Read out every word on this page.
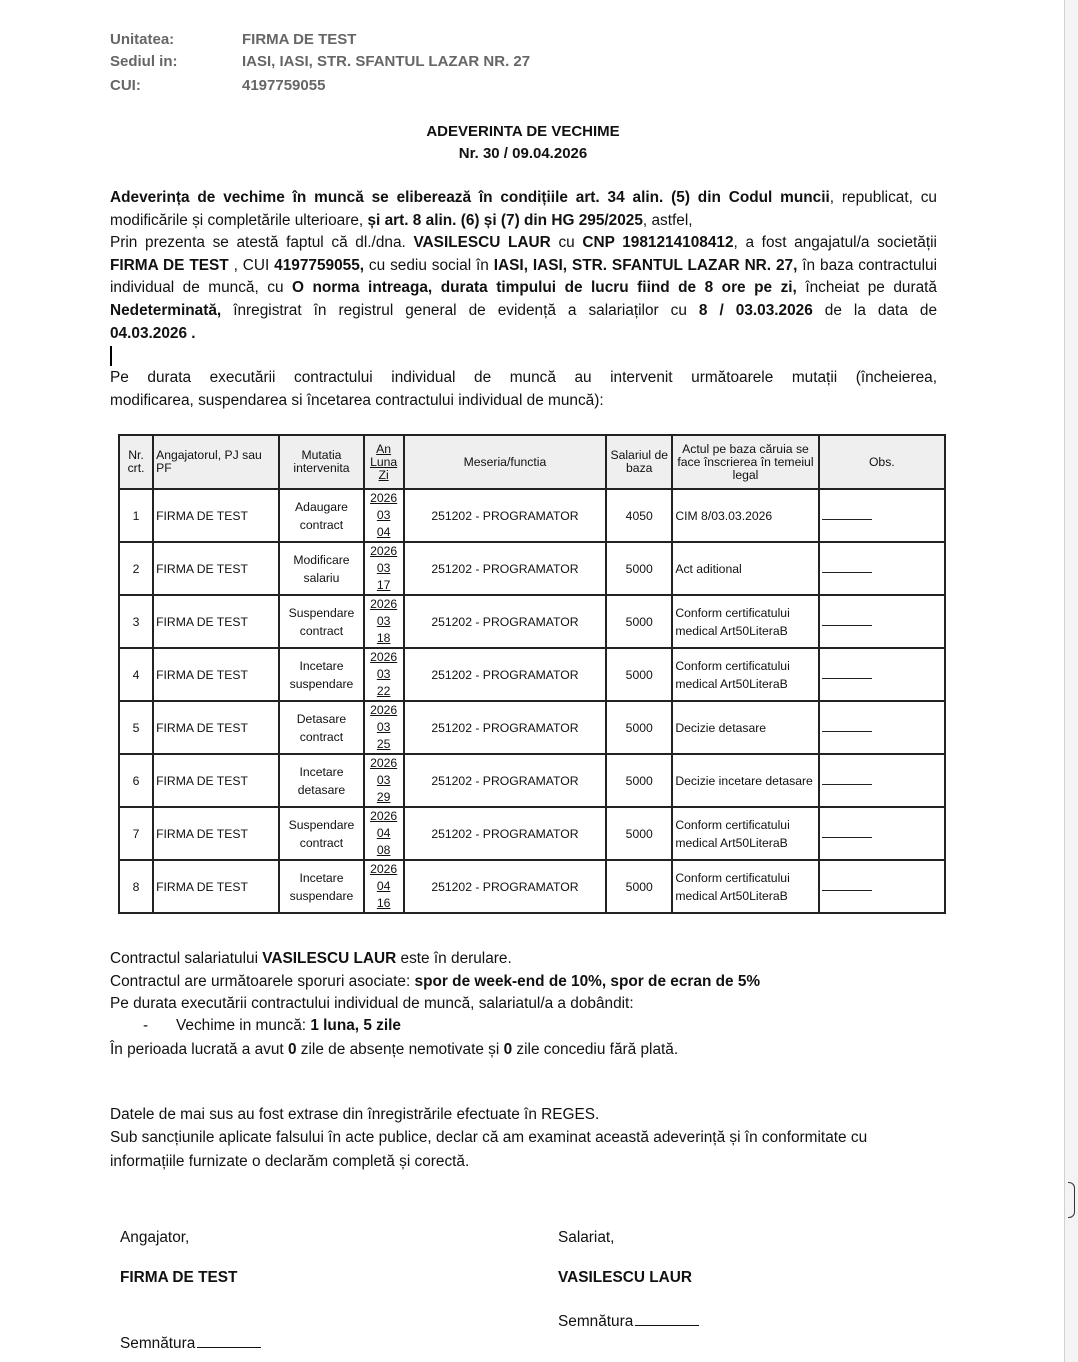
Unitatea:	FIRMA DE TEST
Sediul in:	IASI, IASI, STR. SFANTUL LAZAR NR. 27
CUI:	4197759055
ADEVERINTA DE VECHIME
Nr. 30 / 09.04.2026
Adeverința de vechime în muncă se eliberează în condițiile art. 34 alin. (5) din Codul muncii, republicat, cu
modificările și completările ulterioare, și art. 8 alin. (6) și (7) din HG 295/2025, astfel,
Prin prezenta se atestă faptul că dl./dna. VASILESCU LAUR cu CNP 1981214108412, a fost angajatul/a societății
FIRMA DE TEST , CUI 4197759055, cu sediu social în IASI, IASI, STR. SFANTUL LAZAR NR. 27, în baza contractului
individual de muncă, cu O norma intreaga, durata timpului de lucru fiind de 8 ore pe zi, încheiat pe durată
Nedeterminată, înregistrat în registrul general de evidență a salariaților cu 8 / 03.03.2026 de la data de
04.03.2026 .
Pe durata executării contractului individual de muncă au intervenit următoarele mutații (încheierea,
modificarea, suspendarea si încetarea contractului individual de muncă):
Nr. crt.	Angajatorul, PJ sau PF	Mutatia intervenita	An
Luna
Zi	Meseria/functia	Salariul de baza	Actul pe baza căruia se face înscrierea în temeiul legal	Obs.
1	FIRMA DE TEST	Adaugare contract	2026
03
04	251202 - PROGRAMATOR	4050	CIM 8/03.03.2026	
2	FIRMA DE TEST	Modificare salariu	2026
03
17	251202 - PROGRAMATOR	5000	Act aditional	
3	FIRMA DE TEST	Suspendare contract	2026
03
18	251202 - PROGRAMATOR	5000	Conform certificatului medical Art50LiteraB	
4	FIRMA DE TEST	Incetare suspendare	2026
03
22	251202 - PROGRAMATOR	5000	Conform certificatului medical Art50LiteraB	
5	FIRMA DE TEST	Detasare contract	2026
03
25	251202 - PROGRAMATOR	5000	Decizie detasare	
6	FIRMA DE TEST	Incetare detasare	2026
03
29	251202 - PROGRAMATOR	5000	Decizie incetare detasare	
7	FIRMA DE TEST	Suspendare contract	2026
04
08	251202 - PROGRAMATOR	5000	Conform certificatului medical Art50LiteraB	
8	FIRMA DE TEST	Incetare suspendare	2026
04
16	251202 - PROGRAMATOR	5000	Conform certificatului medical Art50LiteraB	
Contractul salariatului VASILESCU LAUR este în derulare.
Contractul are următoarele sporuri asociate: spor de week-end de 10%, spor de ecran de 5%
Pe durata executării contractului individual de muncă, salariatul/a a dobândit:
- Vechime in muncă: 1 luna, 5 zile
În perioada lucrată a avut 0 zile de absențe nemotivate și 0 zile concediu fără plată.
Datele de mai sus au fost extrase din înregistrările efectuate în REGES.
Sub sancțiunile aplicate falsului în acte publice, declar că am examinat această adeverință și în conformitate cu
informațiile furnizate o declarăm completă și corectă.
Angajator,
FIRMA DE TEST
Semnătura
Salariat,
VASILESCU LAUR
Semnătura
